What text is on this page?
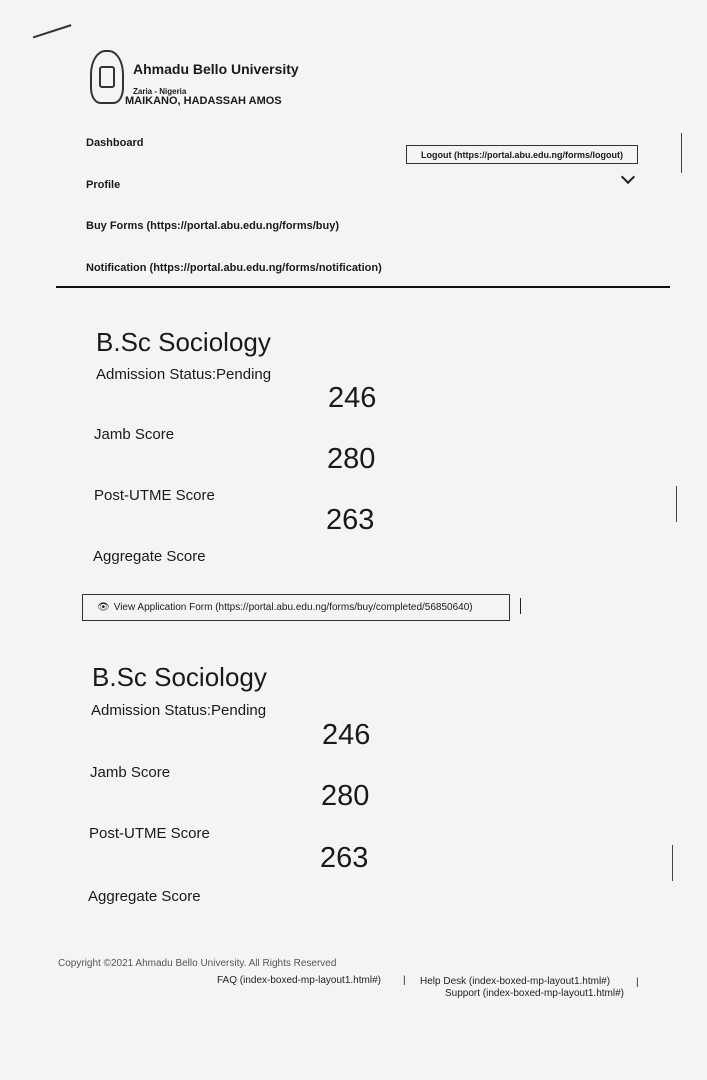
Ahmadu Bello University
Zaria - Nigeria
MAIKANO, HADASSAH AMOS
Dashboard
Logout (https://portal.abu.edu.ng/forms/logout)
Profile
Buy Forms (https://portal.abu.edu.ng/forms/buy)
Notification (https://portal.abu.edu.ng/forms/notification)
B.Sc Sociology
Admission Status:Pending
246
Jamb Score
280
Post-UTME Score
263
Aggregate Score
👁 View Application Form (https://portal.abu.edu.ng/forms/buy/completed/56850640)
B.Sc Sociology
Admission Status:Pending
246
Jamb Score
280
Post-UTME Score
263
Aggregate Score
Copyright ©2021 Ahmadu Bello University. All Rights Reserved
FAQ (index-boxed-mp-layout1.html#) | Help Desk (index-boxed-mp-layout1.html#)	|
Support (index-boxed-mp-layout1.html#)
